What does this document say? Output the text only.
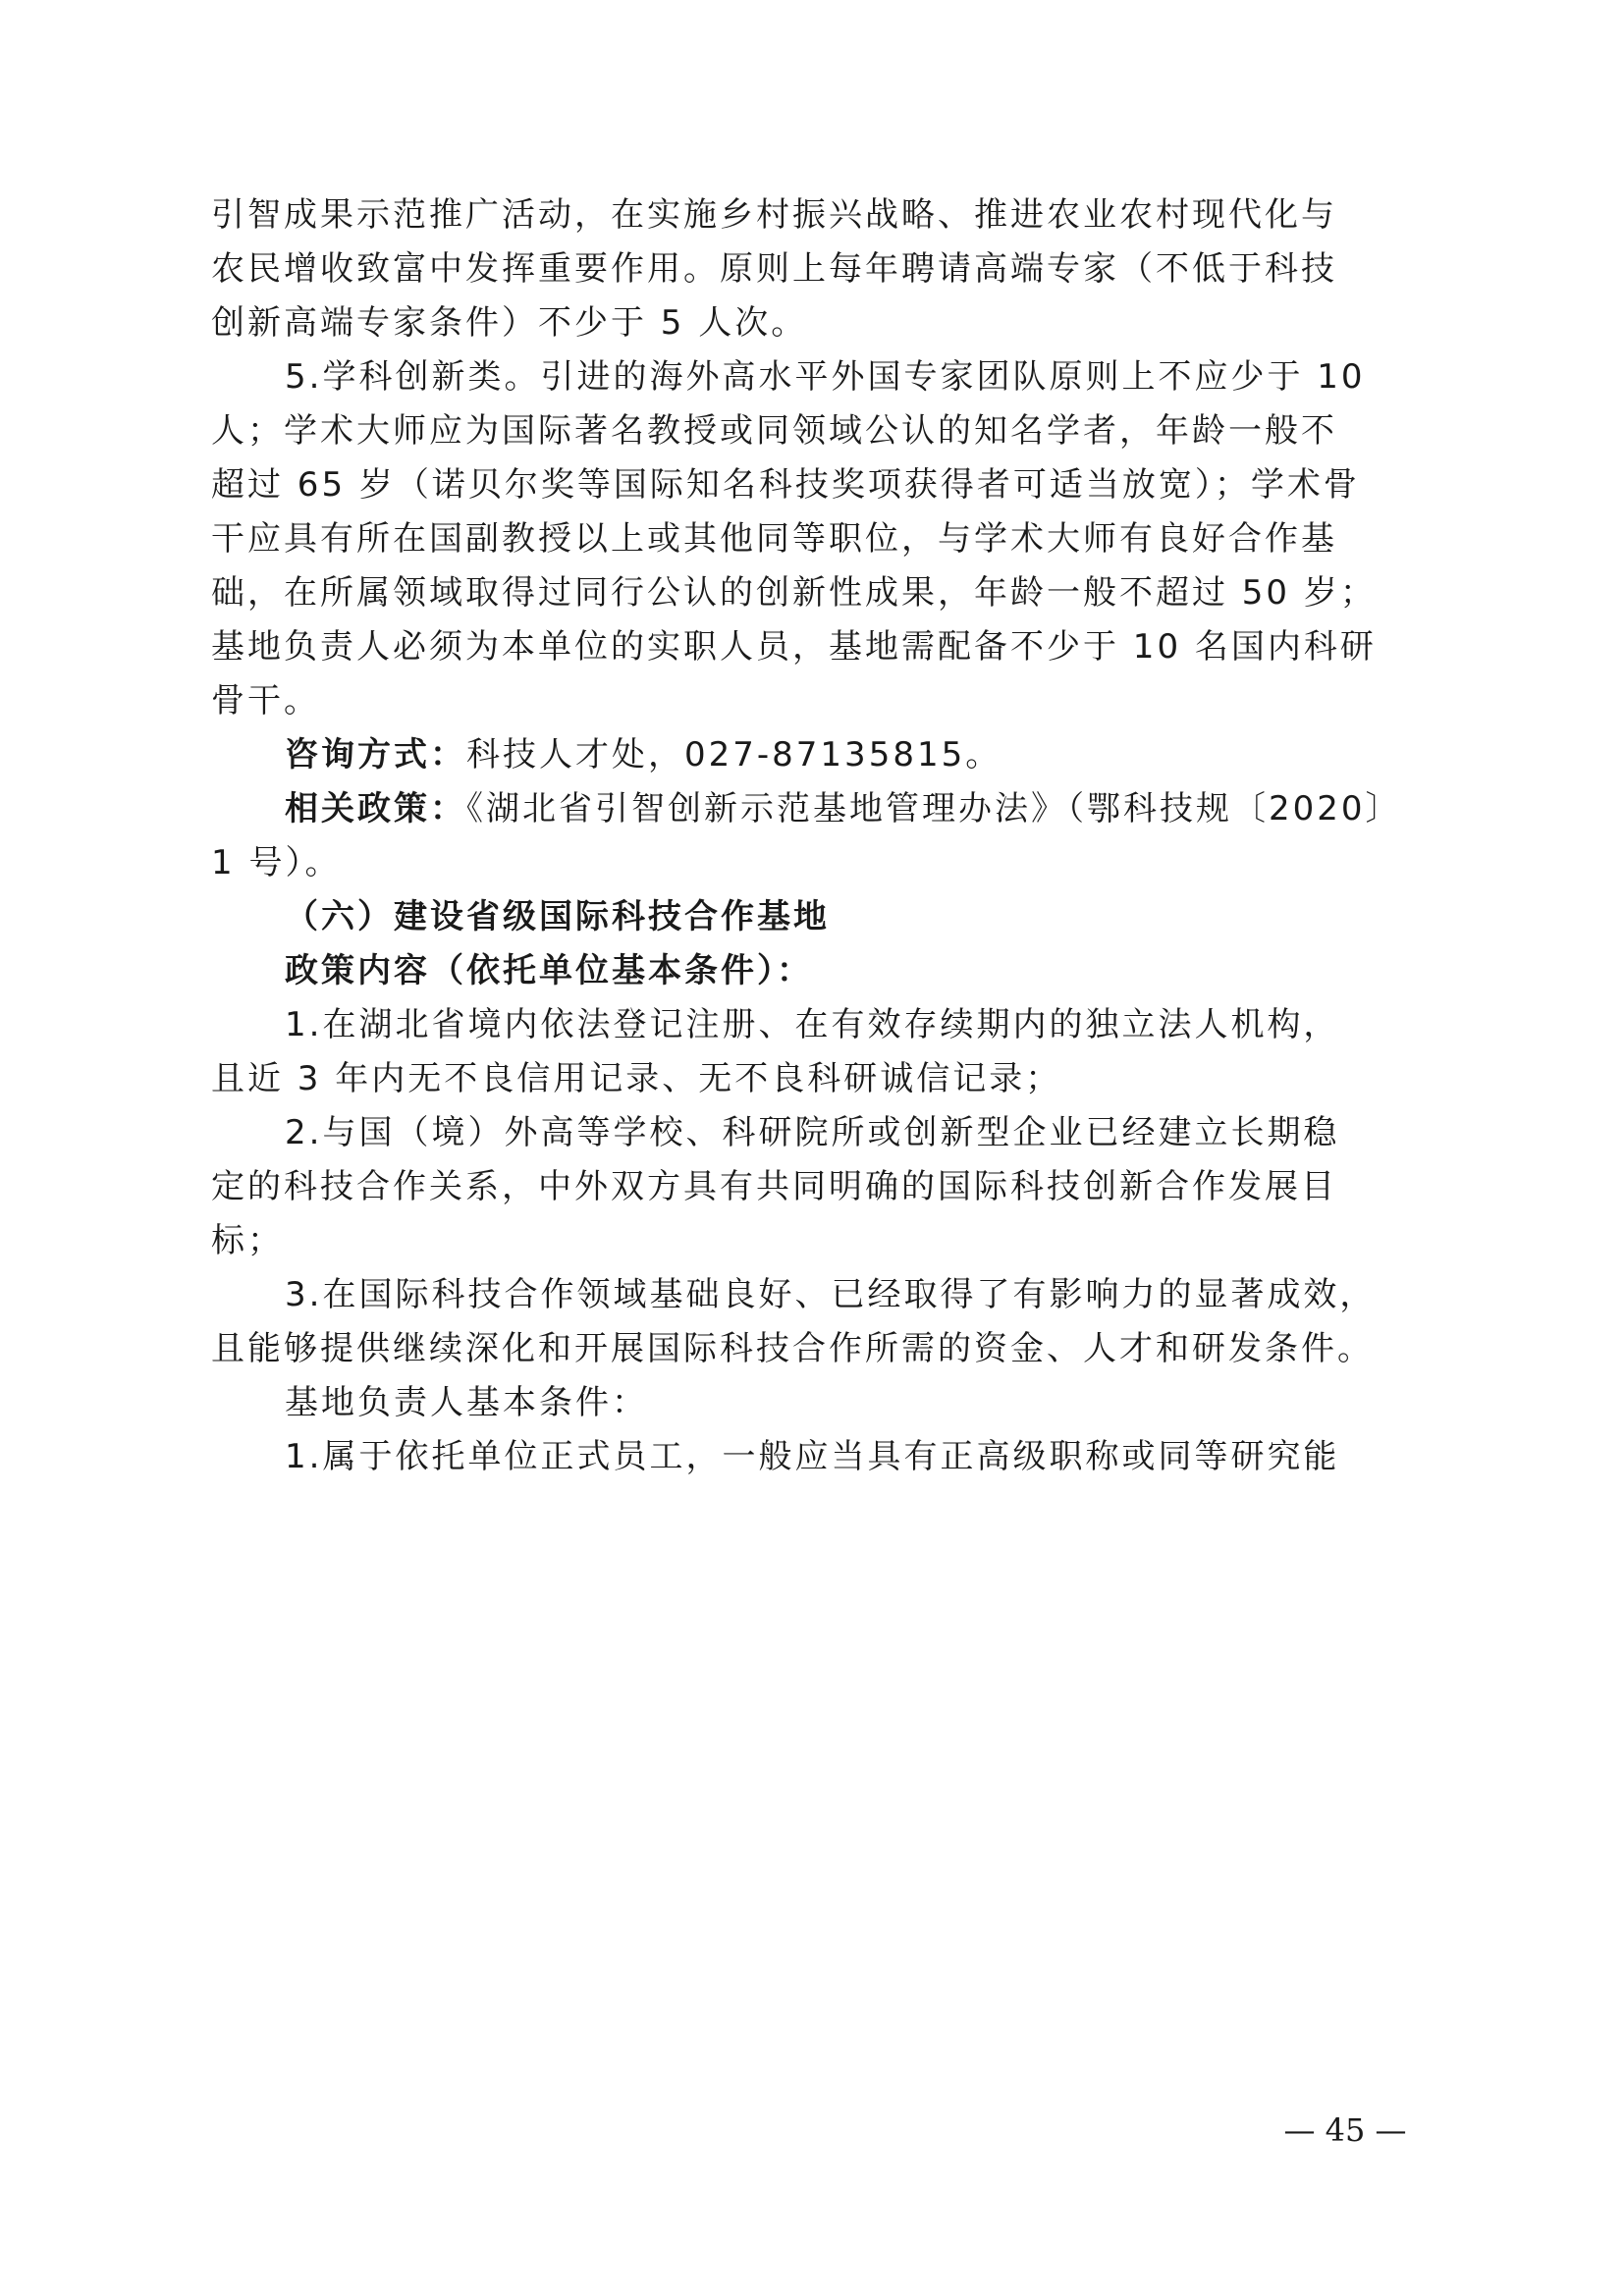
引智成果示范推广活动，在实施乡村振兴战略、推进农业农村现代化与
农民增收致富中发挥重要作用。原则上每年聘请高端专家（不低于科技
创新高端专家条件）不少于 5 人次。
5.学科创新类。引进的海外高水平外国专家团队原则上不应少于 10
人；学术大师应为国际著名教授或同领域公认的知名学者，年龄一般不
超过 65 岁（诺贝尔奖等国际知名科技奖项获得者可适当放宽）；学术骨
干应具有所在国副教授以上或其他同等职位，与学术大师有良好合作基
础，在所属领域取得过同行公认的创新性成果，年龄一般不超过 50 岁；
基地负责人必须为本单位的实职人员，基地需配备不少于 10 名国内科研
骨干。
咨询方式：科技人才处，027-87135815。
相关政策：《湖北省引智创新示范基地管理办法》（鄂科技规〔2020〕
1 号）。
（六）建设省级国际科技合作基地
政策内容（依托单位基本条件）：
1.在湖北省境内依法登记注册、在有效存续期内的独立法人机构，
且近 3 年内无不良信用记录、无不良科研诚信记录；
2.与国（境）外高等学校、科研院所或创新型企业已经建立长期稳
定的科技合作关系，中外双方具有共同明确的国际科技创新合作发展目
标；
3.在国际科技合作领域基础良好、已经取得了有影响力的显著成效，
且能够提供继续深化和开展国际科技合作所需的资金、人才和研发条件。
基地负责人基本条件：
1.属于依托单位正式员工，一般应当具有正高级职称或同等研究能
— 45 —
